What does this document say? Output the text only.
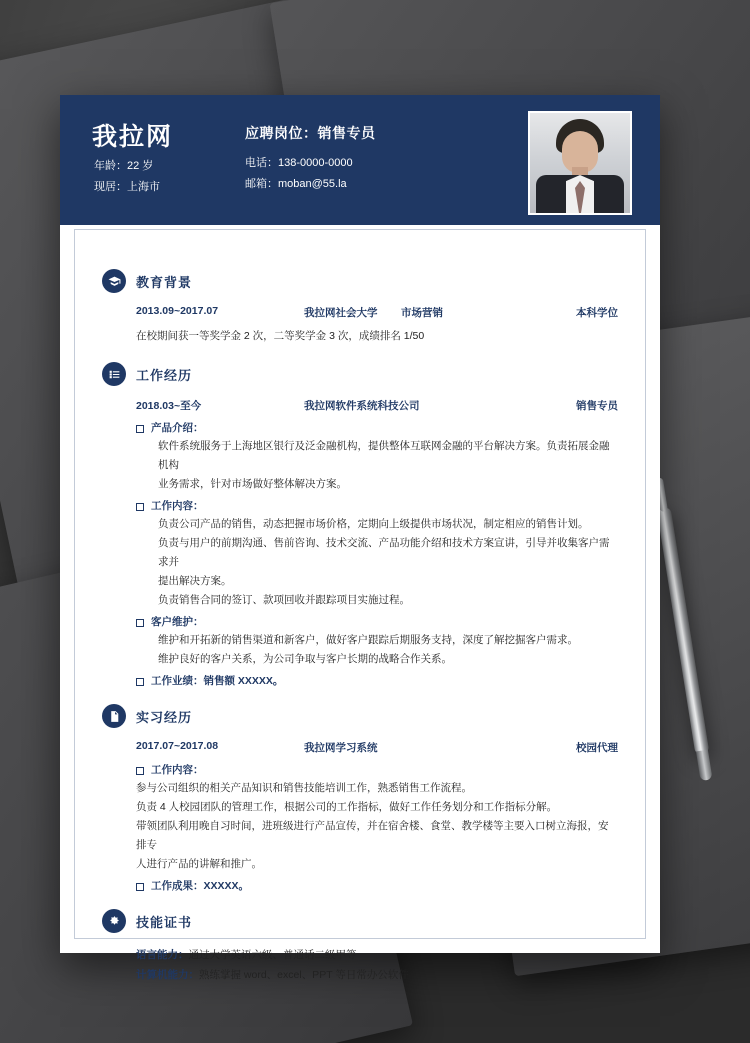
我拉网
年龄：22 岁
现居：上海市
应聘岗位：销售专员
电话：138-0000-0000
邮箱：moban@55.la
教育背景
2013.09~2017.07	我拉网社会大学	市场营销	本科学位
在校期间获一等奖学金 2 次，二等奖学金 3 次，成绩排名 1/50
工作经历
2018.03~至今	我拉网软件系统科技公司	销售专员
产品介绍：
软件系统服务于上海地区银行及泛金融机构，提供整体互联网金融的平台解决方案。负责拓展金融机构
业务需求，针对市场做好整体解决方案。
工作内容：
负责公司产品的销售，动态把握市场价格，定期向上级提供市场状况，制定相应的销售计划。
负责与用户的前期沟通、售前咨询、技术交流、产品功能介绍和技术方案宣讲，引导并收集客户需求并
提出解决方案。
负责销售合同的签订、款项回收并跟踪项目实施过程。
客户维护：
维护和开拓新的销售渠道和新客户，做好客户跟踪后期服务支持，深度了解挖掘客户需求。
维护良好的客户关系，为公司争取与客户长期的战略合作关系。
工作业绩：销售额 XXXXX。
实习经历
2017.07~2017.08	我拉网学习系统	校园代理
工作内容：
参与公司组织的相关产品知识和销售技能培训工作，熟悉销售工作流程。
负责 4 人校园团队的管理工作，根据公司的工作指标，做好工作任务划分和工作指标分解。
带领团队利用晚自习时间，进班级进行产品宣传，并在宿舍楼、食堂、教学楼等主要入口树立海报，安排专
人进行产品的讲解和推广。
工作成果：XXXXX。
技能证书
语言能力：通过大学英语六级、普通话二级甲等
计算机能力：熟练掌握 word、excel、PPT 等日常办公软件
